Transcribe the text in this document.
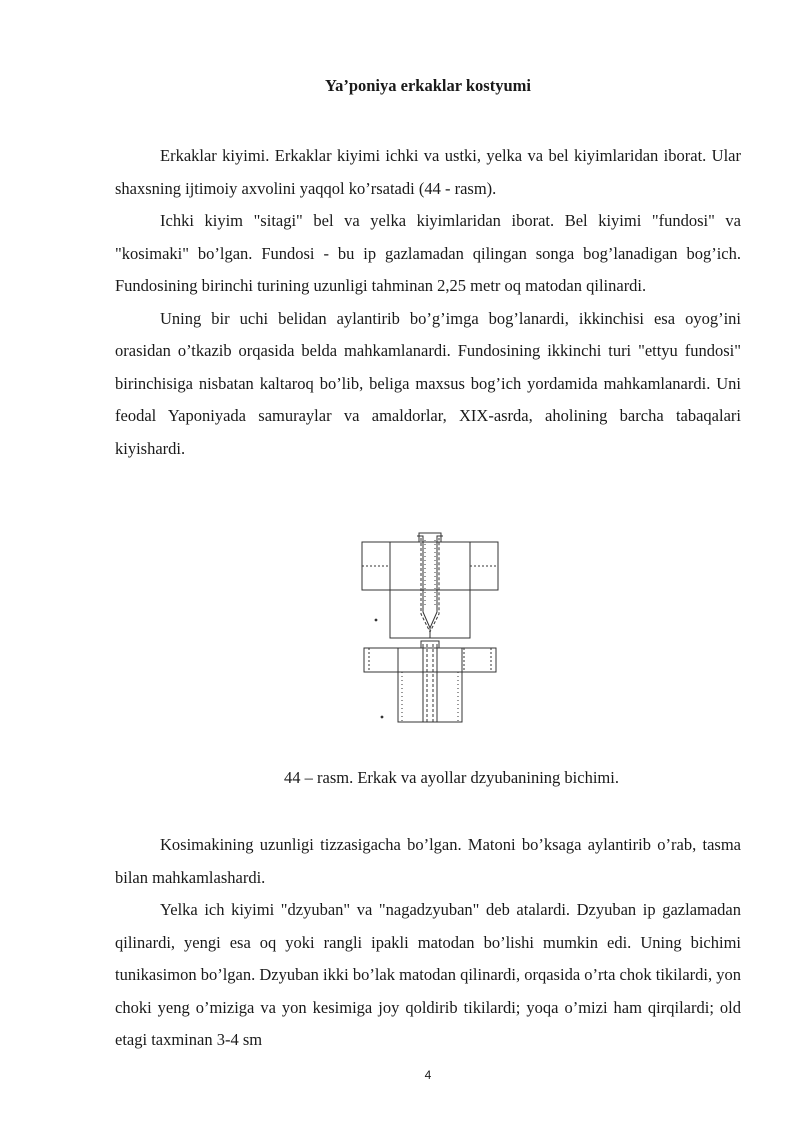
Ya’poniya erkaklar kostyumi

Erkaklar kiyimi. Erkaklar kiyimi ichki va ustki, yelka va bel kiyimlaridan iborat. Ular shaxsning ijtimoiy axvolini yaqqol ko’rsatadi (44 - rasm).

Ichki kiyim "sitagi" bel va yelka kiyimlaridan iborat. Bel kiyimi "fundosi" va "kosimaki" bo’lgan. Fundosi - bu ip gazlamadan qilingan songa bog’lanadigan bog’ich. Fundosining birinchi turining uzunligi tahminan 2,25 metr oq matodan qilinardi.

Uning bir uchi belidan aylantirib bo’g’imga bog’lanardi, ikkinchisi esa oyog’ini orasidan o’tkazib orqasida belda mahkamlanardi. Fundosining ikkinchi turi "ettyu fundosi" birinchisiga nisbatan kaltaroq bo’lib, beliga maxsus bog’ich yordamida mahkamlanardi. Uni feodal Yaponiyada samuraylar va amaldorlar, XIX-asrda, aholining barcha tabaqalari kiyishardi.

44 – rasm. Erkak va ayollar dzyubanining bichimi.

Kosimakining uzunligi tizzasigacha bo’lgan. Matoni bo’ksaga aylantirib o’rab, tasma bilan mahkamlashardi.

Yelka ich kiyimi "dzyuban" va "nagadzyuban" deb atalardi. Dzyuban ip gazlamadan qilinardi, yengi esa oq yoki rangli ipakli matodan bo’lishi mumkin edi. Uning bichimi tunikasimon bo’lgan. Dzyuban ikki bo’lak matodan qilinardi, orqasida o’rta chok tikilardi, yon choki yeng o’miziga va yon kesimiga joy qoldirib tikilardi; yoqa o’mizi ham qirqilardi; old etagi taxminan 3-4 sm

4
